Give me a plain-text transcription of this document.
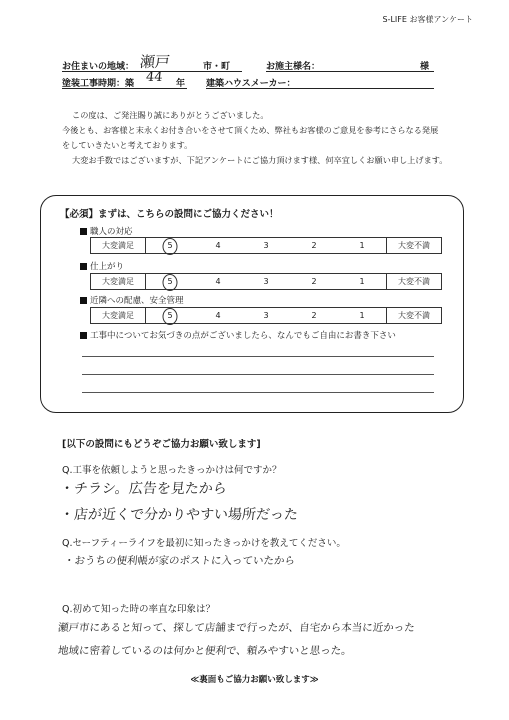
S-LIFE お客様アンケート
お住まいの地域： 瀬戸	市・町	お施主様名：	様
塗装工事時期：築 44 年 建築ハウスメーカー：
この度は、ご発注賜り誠にありがとうございました。
今後とも、お客様と末永くお付き合いをさせて頂くため、弊社もお客様のご意見を参考にさらなる発展
をしていきたいと考えております。
大変お手数ではございますが、下記アンケートにご協力頂けます様、何卒宜しくお願い申し上げます。
【必須】まずは、こちらの設問にご協力ください！
職人の対応
大変満足	5	4	3	2	1	大変不満
仕上がり
大変満足	5	4	3	2	1	大変不満
近隣への配慮、安全管理
大変満足	5	4	3	2	1	大変不満
工事中についてお気づきの点がございましたら、なんでもご自由にお書き下さい
[以下の設問にもどうぞご協力お願い致します]
Q.工事を依頼しようと思ったきっかけは何ですか？
・チラシ。広告を見たから
・店が近くで分かりやすい場所だった
Q.セーフティーライフを最初に知ったきっかけを教えてください。
・おうちの便利帳が家のポストに入っていたから
Q.初めて知った時の率直な印象は？
瀬戸市にあると知って、探して店舗まで行ったが、自宅から本当に近かった
地域に密着しているのは何かと便利で、頼みやすいと思った。
≪裏面もご協力お願い致します≫
